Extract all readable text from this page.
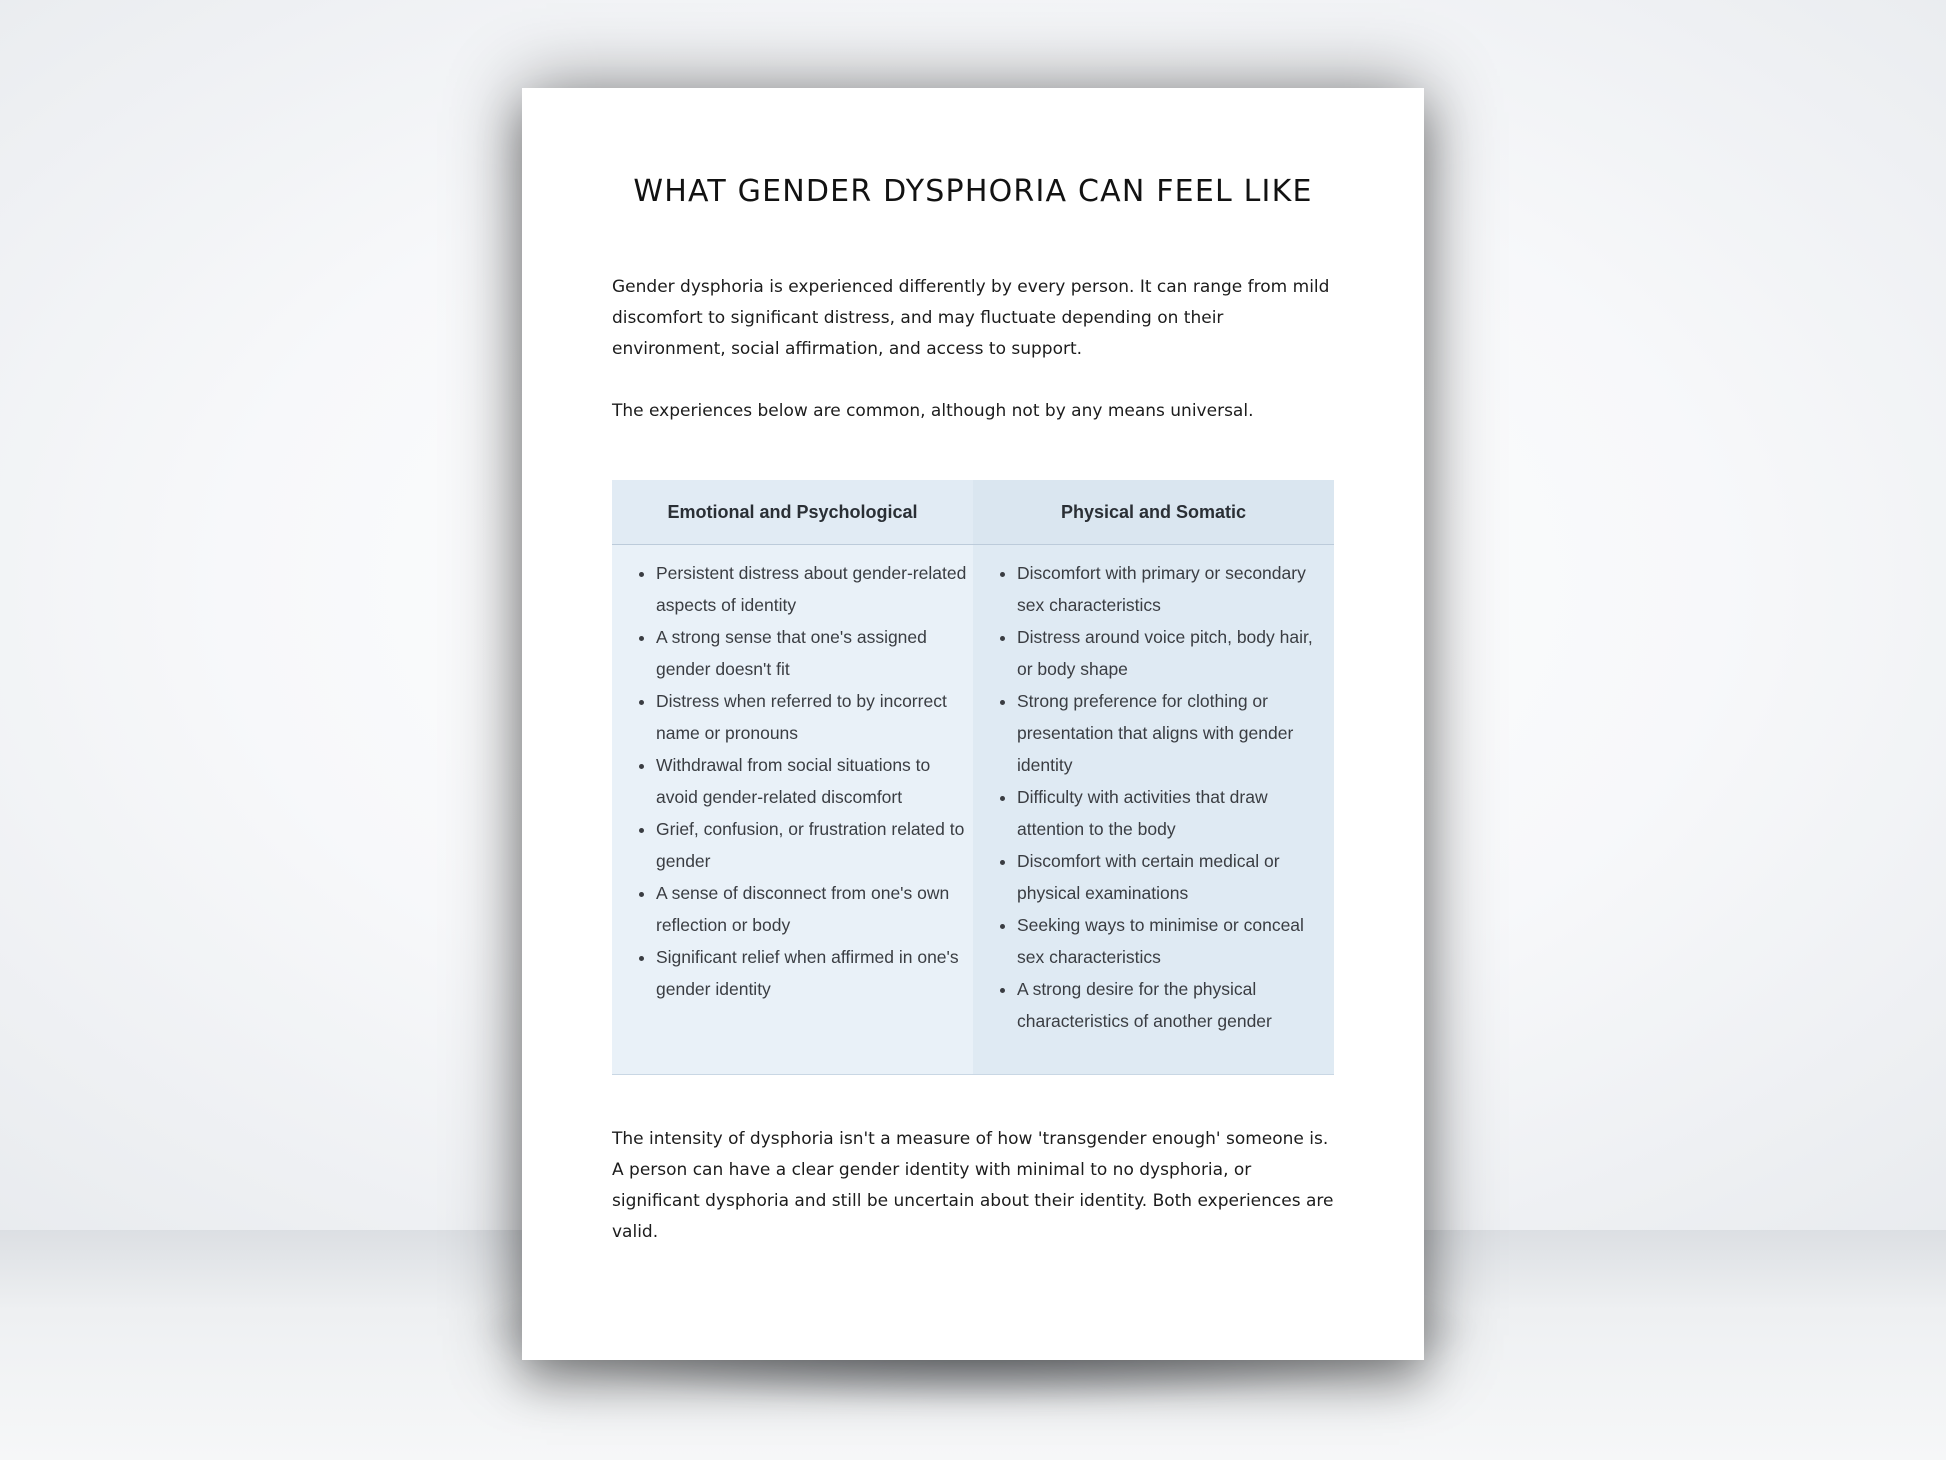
WHAT GENDER DYSPHORIA CAN FEEL LIKE

Gender dysphoria is experienced differently by every person. It can range from mild discomfort to significant distress, and may fluctuate depending on their environment, social affirmation, and access to support.

The experiences below are common, although not by any means universal.

Emotional and Psychological
• Persistent distress about gender-related aspects of identity
• A strong sense that one's assigned gender doesn't fit
• Distress when referred to by incorrect name or pronouns
• Withdrawal from social situations to avoid gender-related discomfort
• Grief, confusion, or frustration related to gender
• A sense of disconnect from one's own reflection or body
• Significant relief when affirmed in one's gender identity
Physical and Somatic
• Discomfort with primary or secondary sex characteristics
• Distress around voice pitch, body hair, or body shape
• Strong preference for clothing or presentation that aligns with gender identity
• Difficulty with activities that draw attention to the body
• Discomfort with certain medical or physical examinations
• Seeking ways to minimise or conceal sex characteristics
• A strong desire for the physical characteristics of another gender

The intensity of dysphoria isn't a measure of how 'transgender enough' someone is. A person can have a clear gender identity with minimal to no dysphoria, or significant dysphoria and still be uncertain about their identity. Both experiences are valid.
